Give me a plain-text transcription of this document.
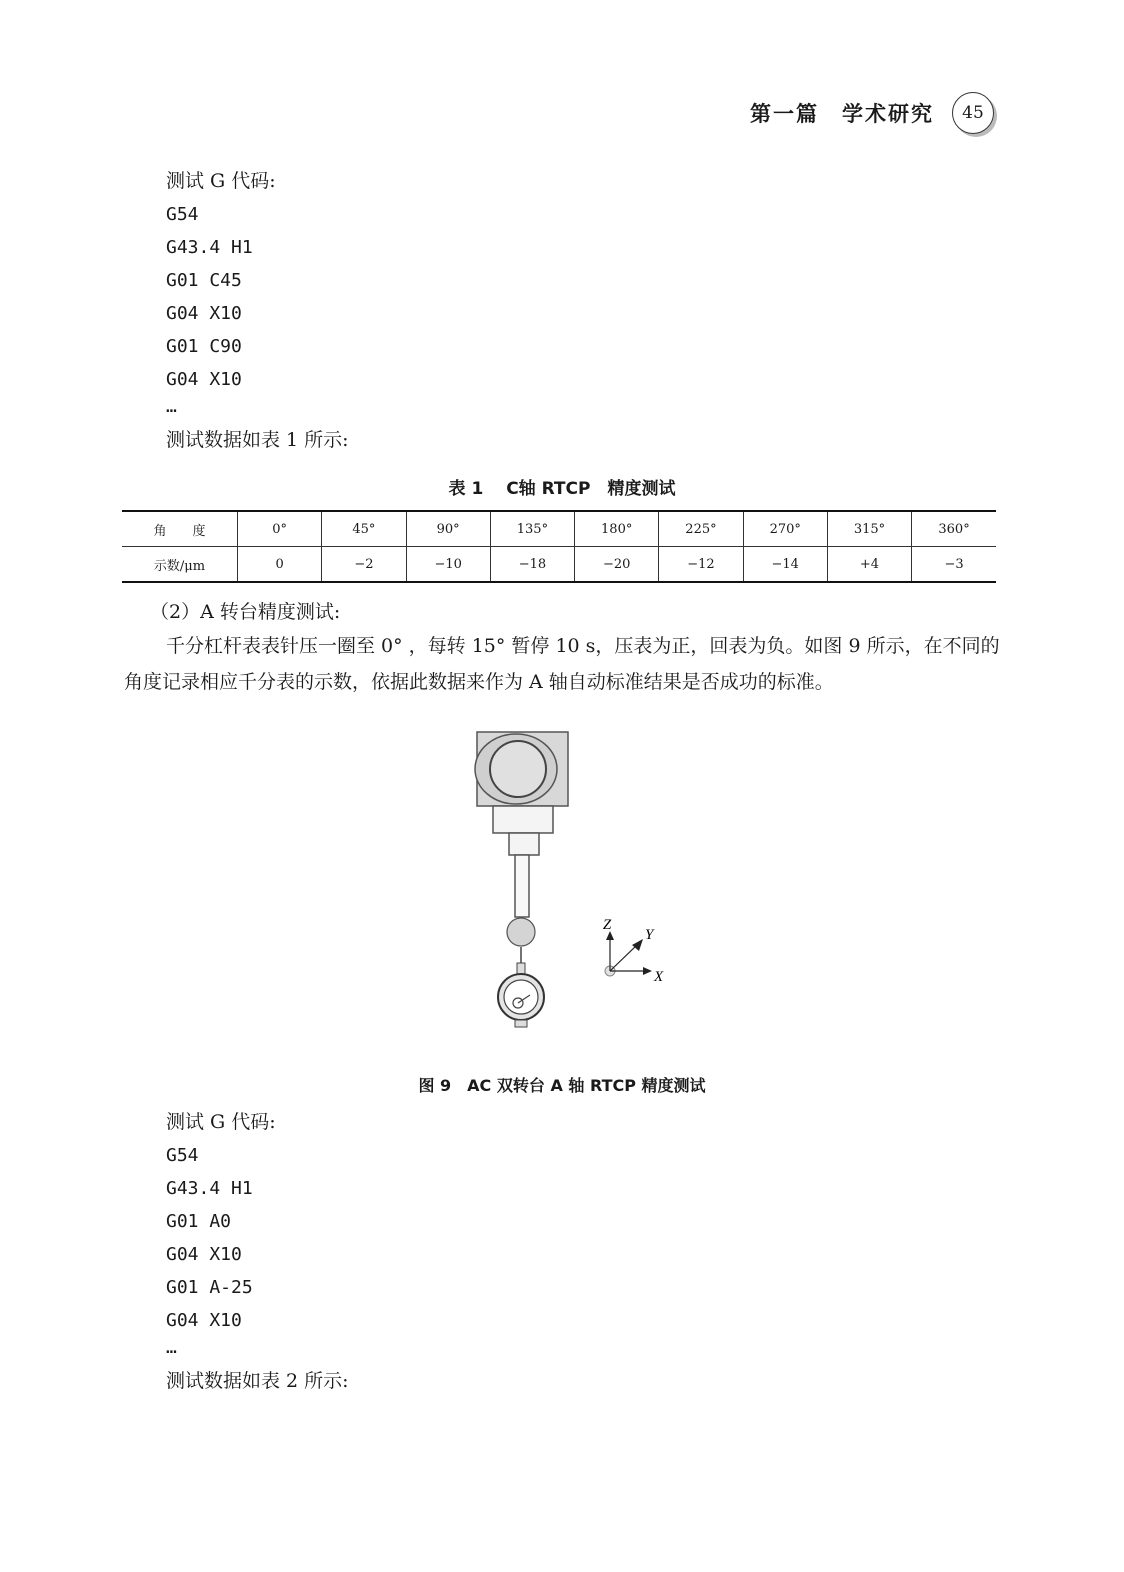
第一篇　学术研究	45
测试 G 代码:
G54
G43.4 H1
G01 C45
G04 X10
G01 C90
G04 X10
…
测试数据如表 1 所示:
表 1　 C轴 RTCP　精度测试
角　　度	0°	45°	90°	135°	180°	225°	270°	315°	360°
示数/μm	0	−2	−10	−18	−20	−12	−14	+4	−3
（2）A 转台精度测试:
千分杠杆表表针压一圈至 0° ，每转 15° 暂停 10 s，压表为正，回表为负。如图 9 所示，在不同的角度记录相应千分表的示数，依据此数据来作为 A 轴自动标准结果是否成功的标准。
Z
Y
X
图 9　AC 双转台 A 轴 RTCP 精度测试
测试 G 代码:
G54
G43.4 H1
G01 A0
G04 X10
G01 A-25
G04 X10
…
测试数据如表 2 所示:
